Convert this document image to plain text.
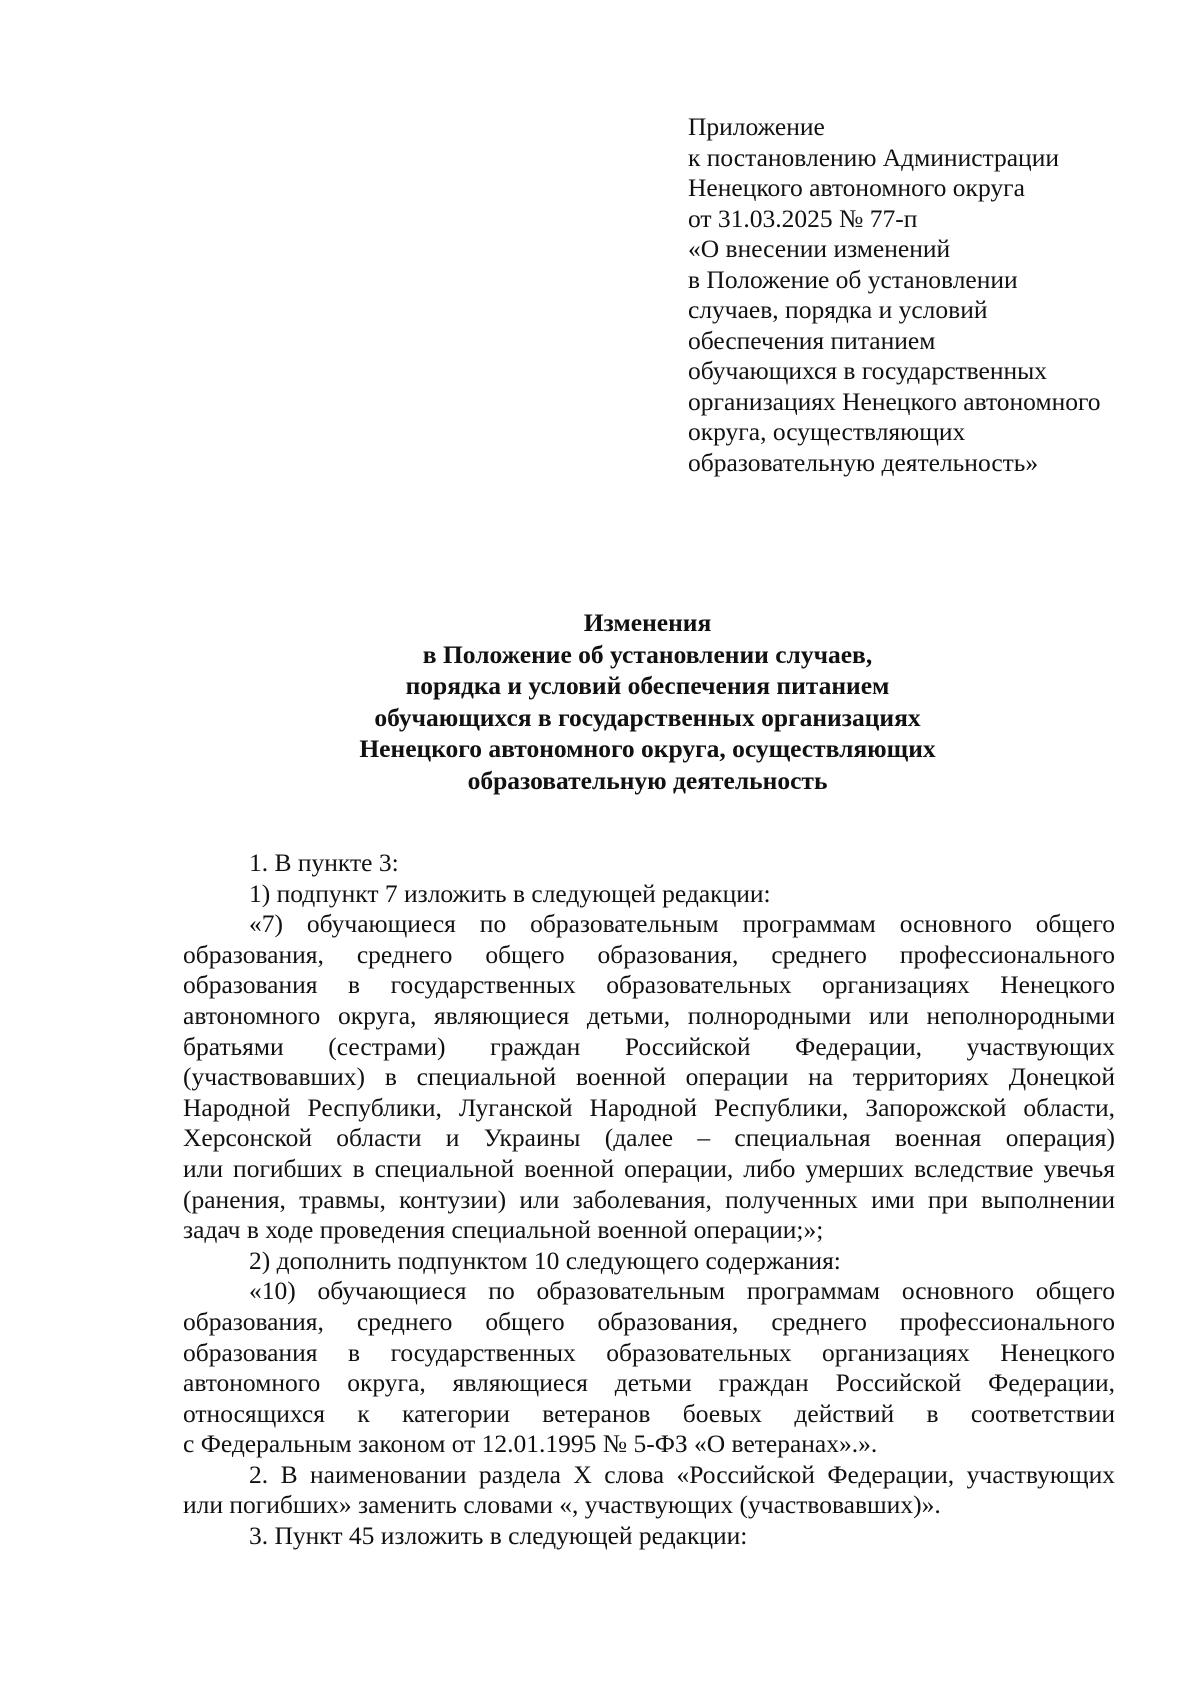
Приложение
к постановлению Администрации
Ненецкого автономного округа
от 31.03.2025 № 77-п
«О внесении изменений
в Положение об установлении
случаев, порядка и условий
обеспечения питанием
обучающихся в государственных
организациях Ненецкого автономного
округа, осуществляющих
образовательную деятельность»
Изменения
в Положение об установлении случаев,
порядка и условий обеспечения питанием
обучающихся в государственных организациях
Ненецкого автономного округа, осуществляющих
образовательную деятельность

1. В пункте 3:

1) подпункт 7 изложить в следующей редакции:

«7) обучающиеся по образовательным программам основного общего
образования, среднего общего образования, среднего профессионального
образования в государственных образовательных организациях Ненецкого
автономного округа, являющиеся детьми, полнородными или неполнородными
братьями (сестрами) граждан Российской Федерации, участвующих
(участвовавших) в специальной военной операции на территориях Донецкой
Народной Республики, Луганской Народной Республики, Запорожской области,
Херсонской области и Украины (далее – специальная военная операция)
или погибших в специальной военной операции, либо умерших вследствие увечья
(ранения, травмы, контузии) или заболевания, полученных ими при выполнении
задач в ходе проведения специальной военной операции;»;

2) дополнить подпунктом 10 следующего содержания:

«10) обучающиеся по образовательным программам основного общего
образования, среднего общего образования, среднего профессионального
образования в государственных образовательных организациях Ненецкого
автономного округа, являющиеся детьми граждан Российской Федерации,
относящихся к категории ветеранов боевых действий в соответствии
с Федеральным законом от 12.01.1995 № 5-ФЗ «О ветеранах».».
2. В наименовании раздела X слова «Российской Федерации, участвующих
или погибших» заменить словами «, участвующих (участвовавших)».

3. Пункт 45 изложить в следующей редакции:
